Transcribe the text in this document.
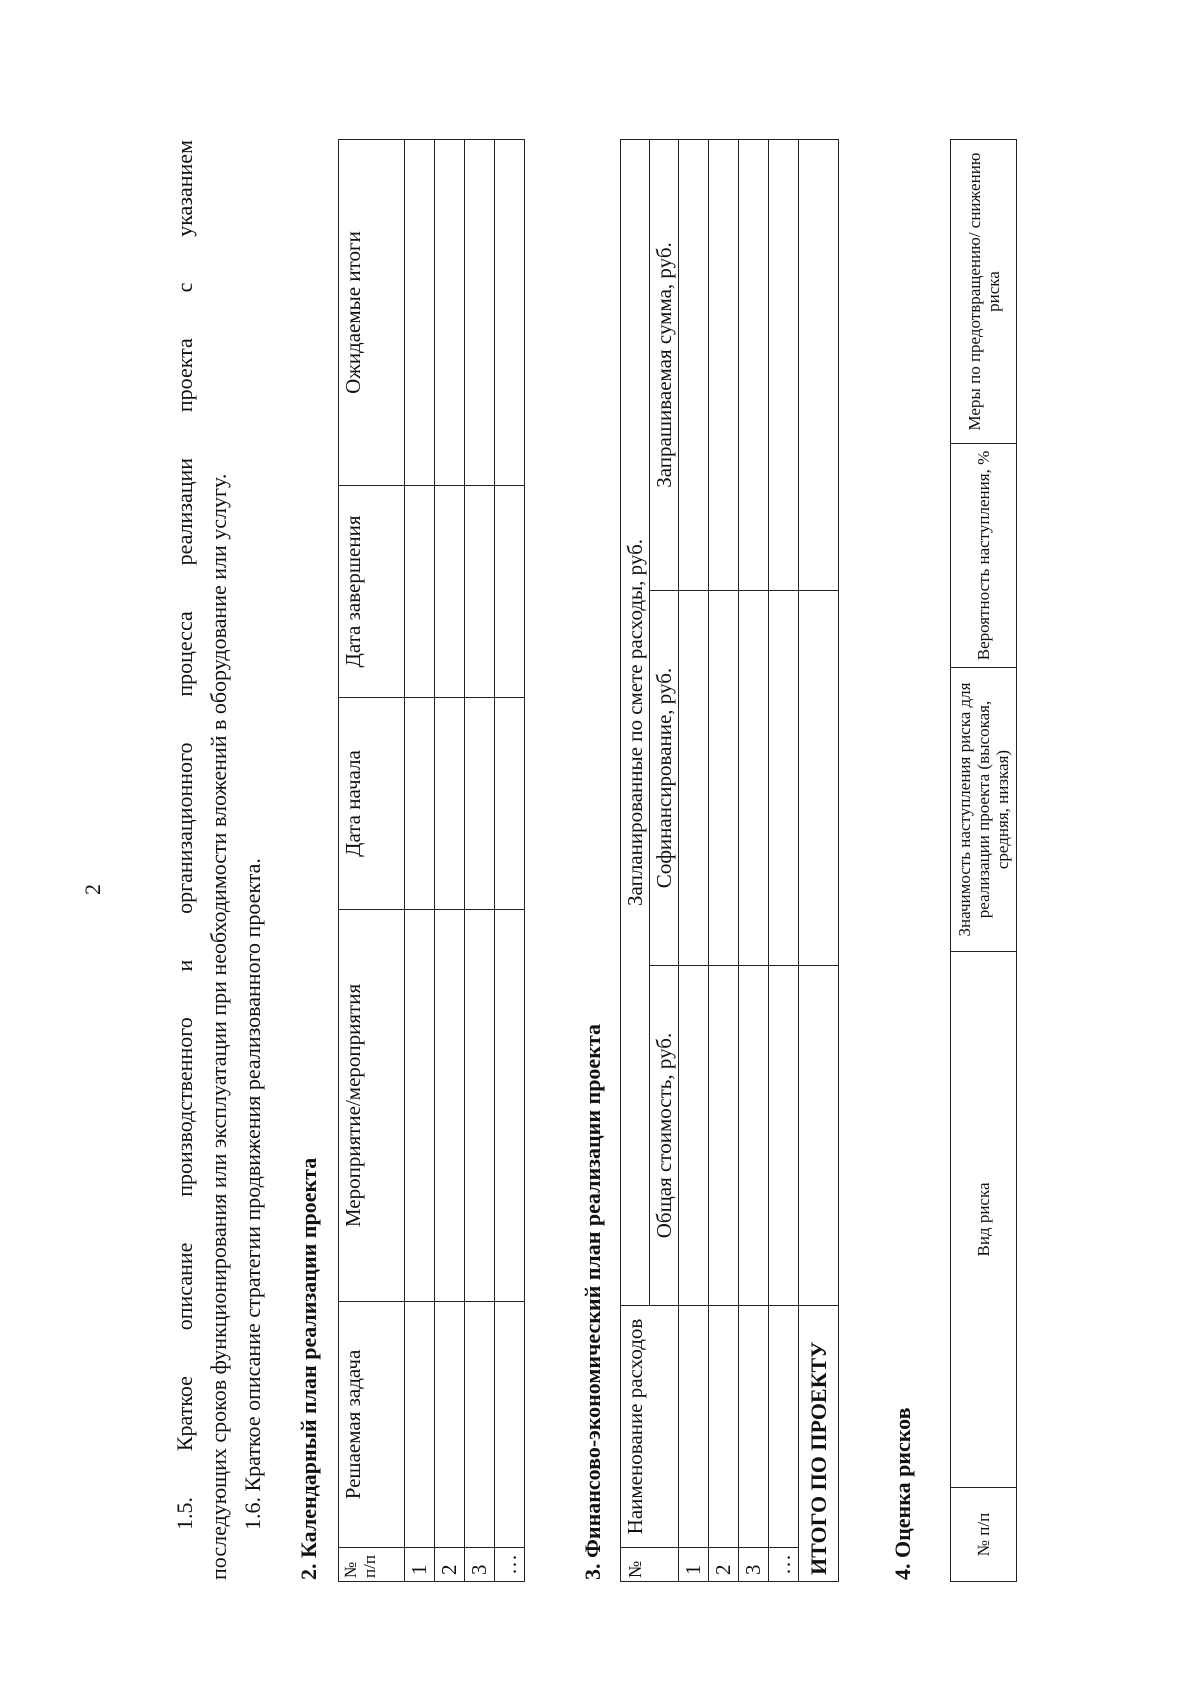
2	1.5. Краткое описание производственного и организационного процесса реализации проекта с указанием последующих сроков функционирования или эксплуатации при необходимости вложений в оборудование или услугу. 1.6. Краткое описание стратегии продвижения реализованного проекта. 2. Календарный план реализации проекта № п/п	Решаемая задача	Мероприятие/мероприятия	Дата начала	Дата завершения	Ожидаемые итоги
1					
2					
3					
…						3. Финансово-экономический план реализации проекта №	Наименование расходов	Запланированные по смете расходы, руб.		
		Общая стоимость, руб.	Софинансирование, руб.	Запрашиваемая сумма, руб.
1				
2				
3				
…				
ИТОГО ПО ПРОЕКТУ					4. Оценка рисков	№ п/п	Вид риска	Значимость наступления риска для реализации проекта (высокая, средняя, низкая)	Вероятность наступления, %	Меры по предотвращению/ снижению риска
